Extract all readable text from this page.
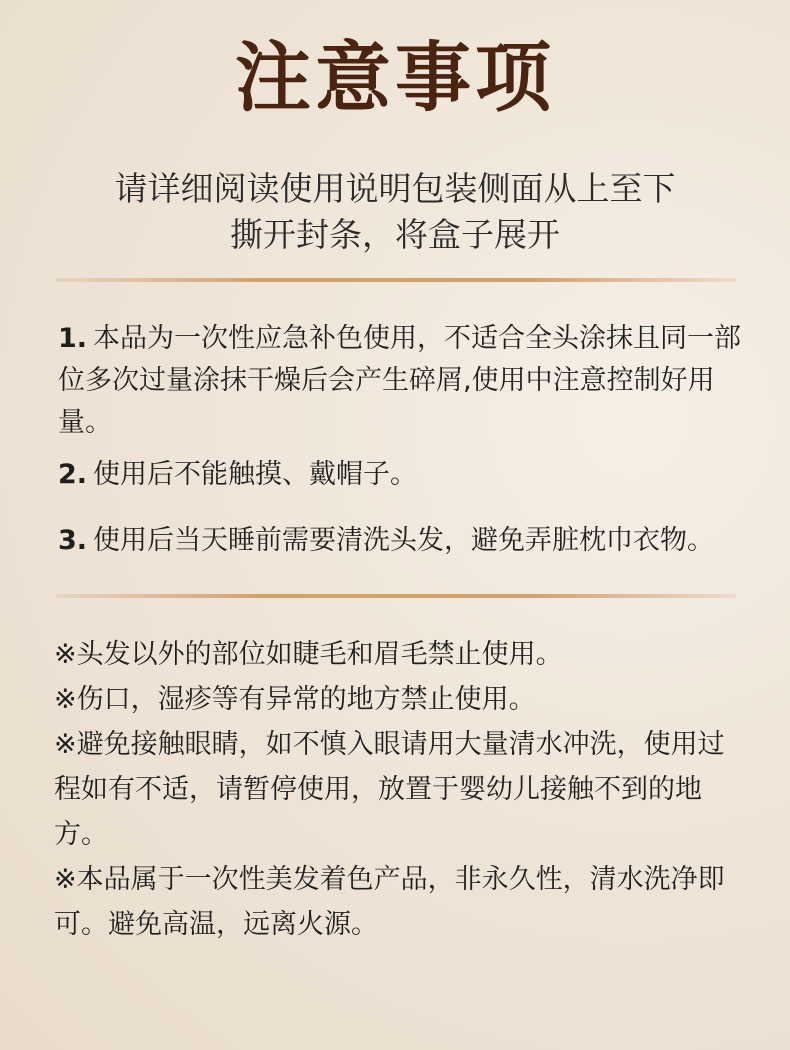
注意事项
请详细阅读使用说明包装侧面从上至下
撕开封条，将盒子展开

1. 本品为一次性应急补色使用，不适合全头涂抹且同一部位多次过量涂抹干燥后会产生碎屑,使用中注意控制好用量。

2. 使用后不能触摸、戴帽子。

3. 使用后当天睡前需要清洗头发，避免弄脏枕巾衣物。

※头发以外的部位如睫毛和眉毛禁止使用。

※伤口，湿疹等有异常的地方禁止使用。

※避免接触眼睛，如不慎入眼请用大量清水冲洗，使用过程如有不适，请暂停使用，放置于婴幼儿接触不到的地方。

※本品属于一次性美发着色产品，非永久性，清水洗净即可。避免高温，远离火源。
